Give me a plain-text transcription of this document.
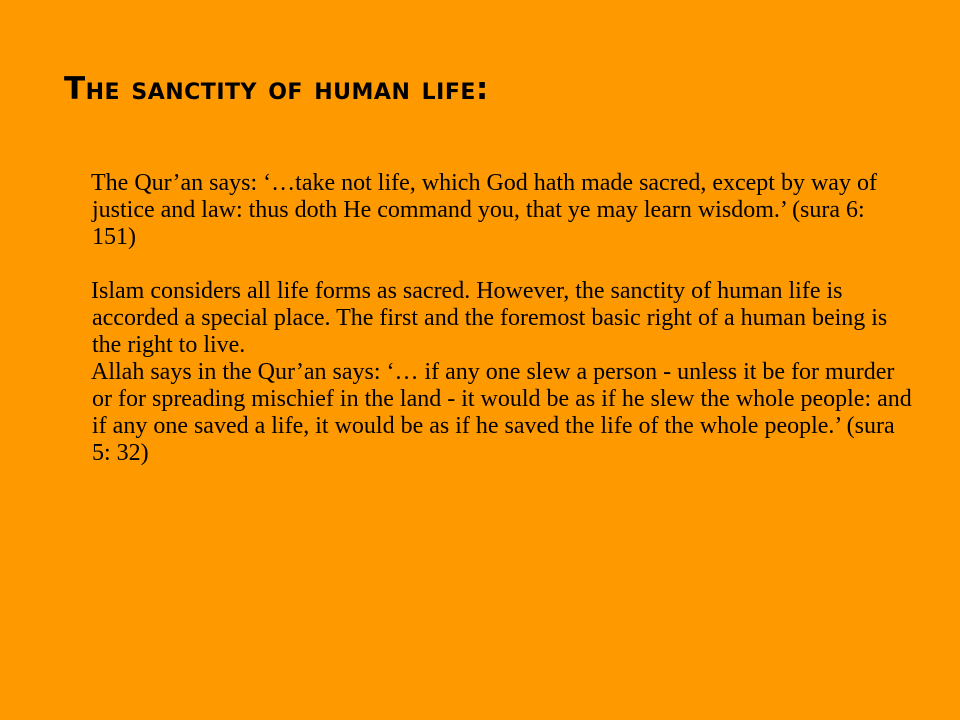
The sanctity of human life:

The Qur’an says: ‘…take not life, which God hath made sacred, except by way of justice and law: thus doth He command you, that ye may learn wisdom.’ (sura 6: 151)

Islam considers all life forms as sacred. However, the sanctity of human life is accorded a special place. The first and the foremost basic right of a human being is the right to live.

Allah says in the Qur’an says: ‘… if any one slew a person - unless it be for murder or for spreading mischief in the land - it would be as if he slew the whole people: and if any one saved a life, it would be as if he saved the life of the whole people.’ (sura 5: 32)
